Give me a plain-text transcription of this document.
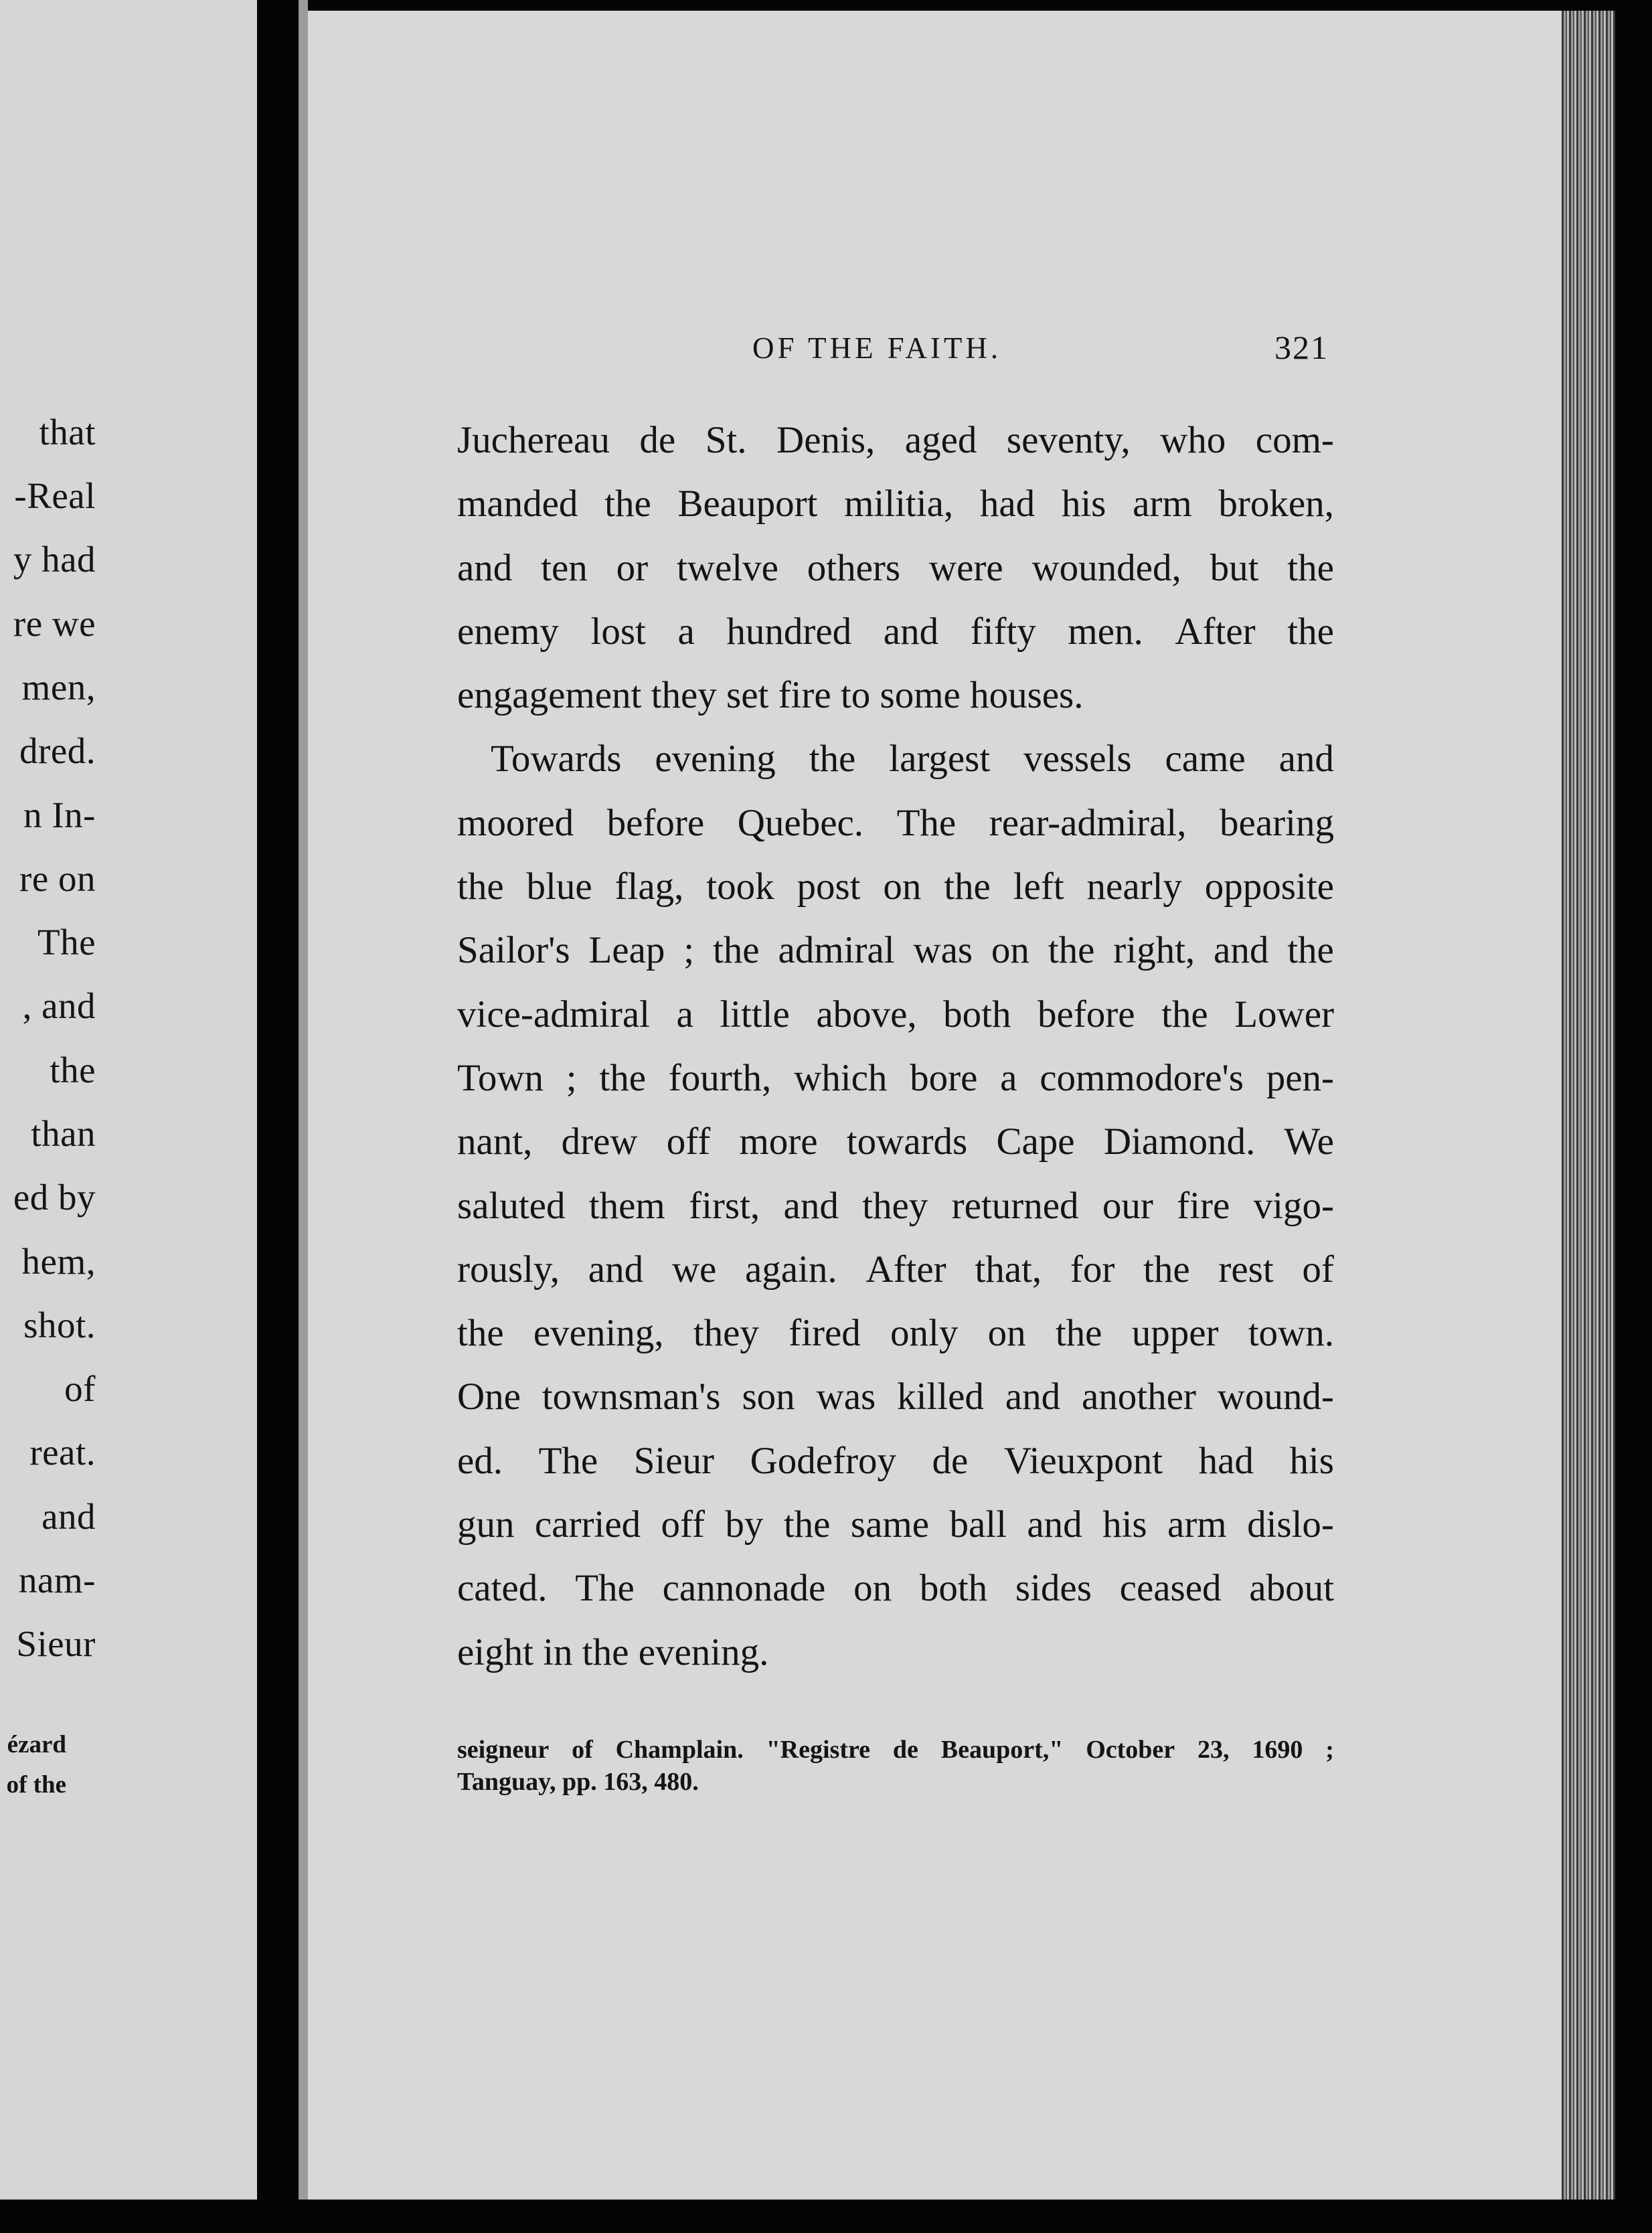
that
-Real
y had
re we
men,
dred.
n In-
re on
The
, and
the
than
ed by
hem,
shot.
of
reat.
and
nam-
Sieur
ézard
of the
OF THE FAITH.	321
Juchereau de St. Denis, aged seventy, who com-
manded the Beauport militia, had his arm broken,
and ten or twelve others were wounded, but the
enemy lost a hundred and fifty men. After the
engagement they set fire to some houses.
Towards evening the largest vessels came and
moored before Quebec. The rear-admiral, bearing
the blue flag, took post on the left nearly opposite
Sailor's Leap ; the admiral was on the right, and the
vice-admiral a little above, both before the Lower
Town ; the fourth, which bore a commodore's pen-
nant, drew off more towards Cape Diamond. We
saluted them first, and they returned our fire vigo-
rously, and we again. After that, for the rest of
the evening, they fired only on the upper town.
One townsman's son was killed and another wound-
ed. The Sieur Godefroy de Vieuxpont had his
gun carried off by the same ball and his arm dislo-
cated. The cannonade on both sides ceased about
eight in the evening.
seigneur of Champlain. "Registre de Beauport," October 23, 1690 ;
Tanguay, pp. 163, 480.
